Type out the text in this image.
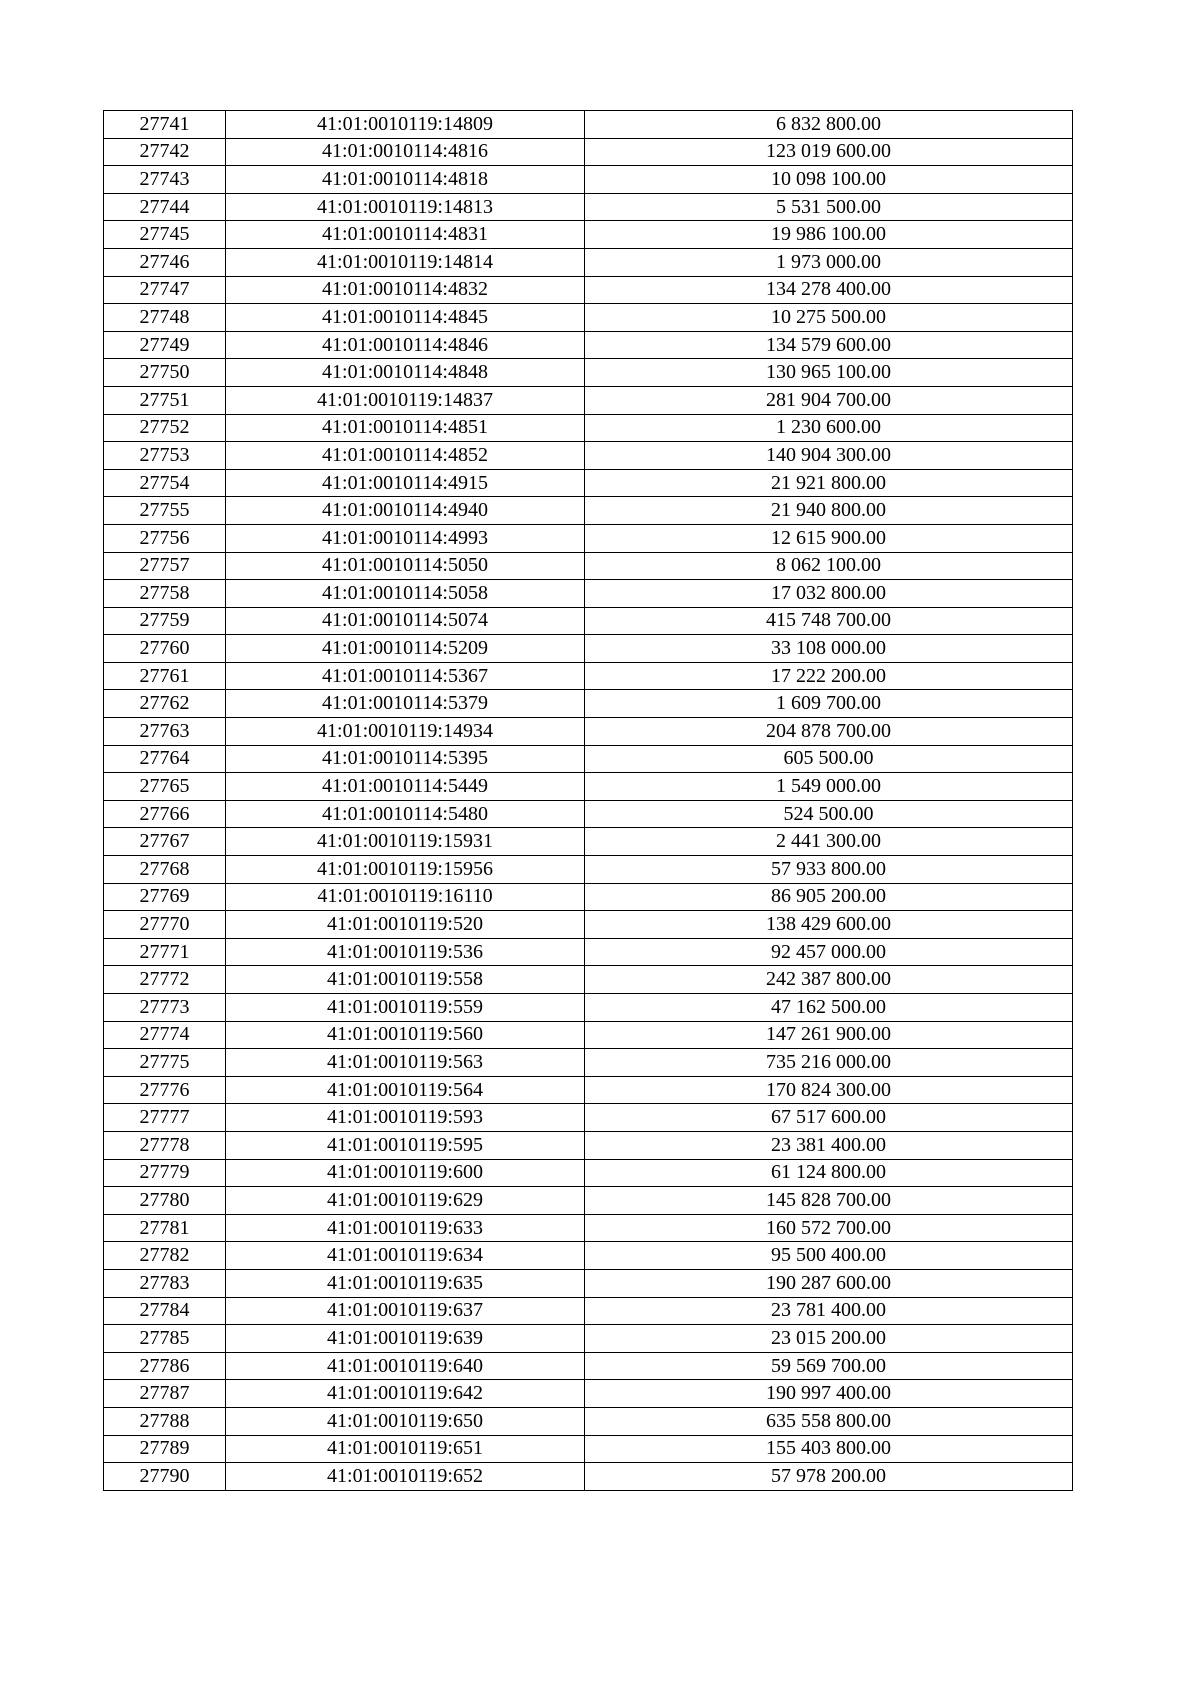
27741	41:01:0010119:14809	6 832 800.00
27742	41:01:0010114:4816	123 019 600.00
27743	41:01:0010114:4818	10 098 100.00
27744	41:01:0010119:14813	5 531 500.00
27745	41:01:0010114:4831	19 986 100.00
27746	41:01:0010119:14814	1 973 000.00
27747	41:01:0010114:4832	134 278 400.00
27748	41:01:0010114:4845	10 275 500.00
27749	41:01:0010114:4846	134 579 600.00
27750	41:01:0010114:4848	130 965 100.00
27751	41:01:0010119:14837	281 904 700.00
27752	41:01:0010114:4851	1 230 600.00
27753	41:01:0010114:4852	140 904 300.00
27754	41:01:0010114:4915	21 921 800.00
27755	41:01:0010114:4940	21 940 800.00
27756	41:01:0010114:4993	12 615 900.00
27757	41:01:0010114:5050	8 062 100.00
27758	41:01:0010114:5058	17 032 800.00
27759	41:01:0010114:5074	415 748 700.00
27760	41:01:0010114:5209	33 108 000.00
27761	41:01:0010114:5367	17 222 200.00
27762	41:01:0010114:5379	1 609 700.00
27763	41:01:0010119:14934	204 878 700.00
27764	41:01:0010114:5395	605 500.00
27765	41:01:0010114:5449	1 549 000.00
27766	41:01:0010114:5480	524 500.00
27767	41:01:0010119:15931	2 441 300.00
27768	41:01:0010119:15956	57 933 800.00
27769	41:01:0010119:16110	86 905 200.00
27770	41:01:0010119:520	138 429 600.00
27771	41:01:0010119:536	92 457 000.00
27772	41:01:0010119:558	242 387 800.00
27773	41:01:0010119:559	47 162 500.00
27774	41:01:0010119:560	147 261 900.00
27775	41:01:0010119:563	735 216 000.00
27776	41:01:0010119:564	170 824 300.00
27777	41:01:0010119:593	67 517 600.00
27778	41:01:0010119:595	23 381 400.00
27779	41:01:0010119:600	61 124 800.00
27780	41:01:0010119:629	145 828 700.00
27781	41:01:0010119:633	160 572 700.00
27782	41:01:0010119:634	95 500 400.00
27783	41:01:0010119:635	190 287 600.00
27784	41:01:0010119:637	23 781 400.00
27785	41:01:0010119:639	23 015 200.00
27786	41:01:0010119:640	59 569 700.00
27787	41:01:0010119:642	190 997 400.00
27788	41:01:0010119:650	635 558 800.00
27789	41:01:0010119:651	155 403 800.00
27790	41:01:0010119:652	57 978 200.00
